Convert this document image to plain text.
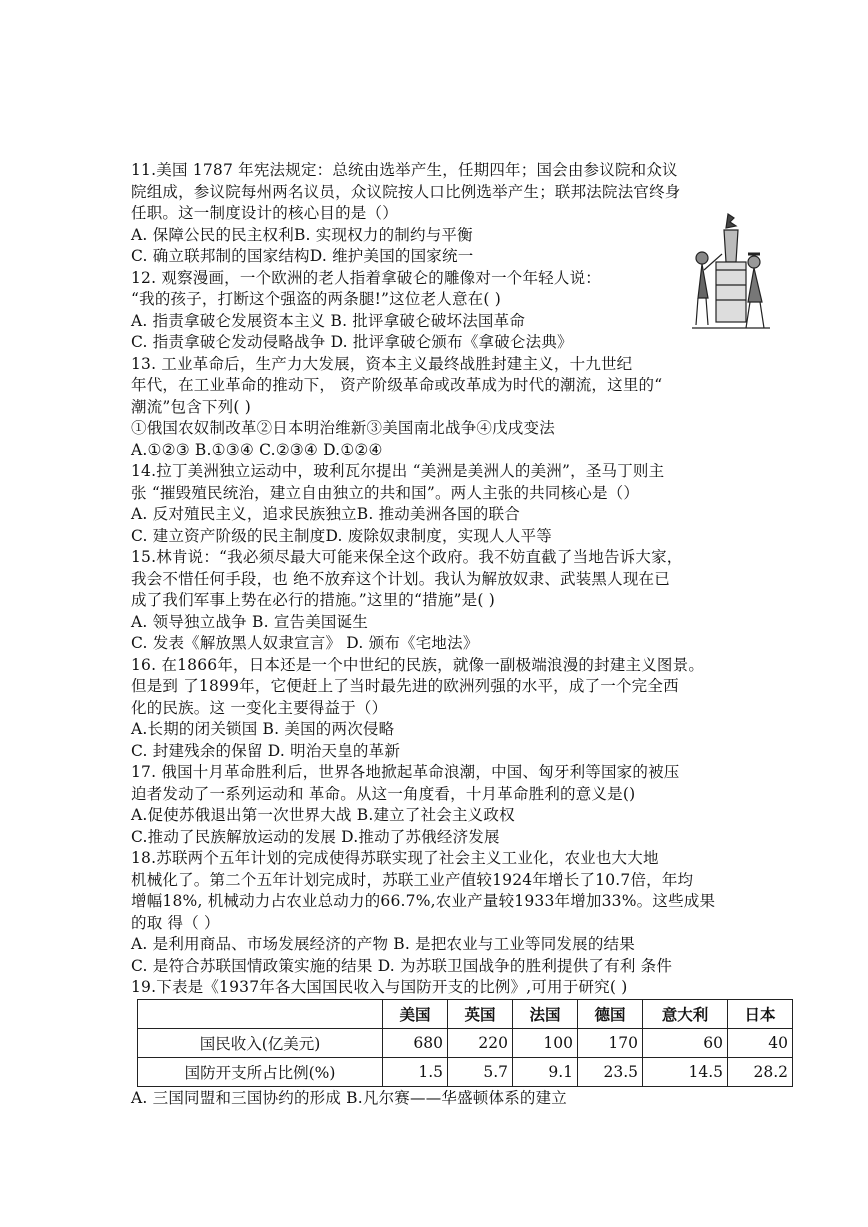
11.美国 1787 年宪法规定：总统由选举产生，任期四年；国会由参议院和众议
院组成，参议院每州两名议员，众议院按人口比例选举产生；联邦法院法官终身
任职。这一制度设计的核心目的是（）
A. 保障公民的民主权利B. 实现权力的制约与平衡
C. 确立联邦制的国家结构D. 维护美国的国家统一
12. 观察漫画，一个欧洲的老人指着拿破仑的雕像对一个年轻人说：
“我的孩子，打断这个强盗的两条腿!”这位老人意在( )
A. 指责拿破仑发展资本主义 B. 批评拿破仑破坏法国革命
C. 指责拿破仑发动侵略战争 D. 批评拿破仑颁布《拿破仑法典》
13. 工业革命后，生产力大发展，资本主义最终战胜封建主义，十九世纪
年代，在工业革命的推动下， 资产阶级革命或改革成为时代的潮流，这里的“
潮流”包含下列( )
①俄国农奴制改革②日本明治维新③美国南北战争④戊戌变法
A.①②③ B.①③④ C.②③④ D.①②④
14.拉丁美洲独立运动中，玻利瓦尔提出 “美洲是美洲人的美洲”，圣马丁则主
张 “摧毁殖民统治，建立自由独立的共和国”。两人主张的共同核心是（）
A. 反对殖民主义，追求民族独立B. 推动美洲各国的联合
C. 建立资产阶级的民主制度D. 废除奴隶制度，实现人人平等
15.林肯说：“我必须尽最大可能来保全这个政府。我不妨直截了当地告诉大家，
我会不惜任何手段，也 绝不放弃这个计划。我认为解放奴隶、武装黑人现在已
成了我们军事上势在必行的措施。”这里的“措施”是( )
A. 领导独立战争 B. 宣告美国诞生
C. 发表《解放黑人奴隶宣言》 D. 颁布《宅地法》
16. 在1866年，日本还是一个中世纪的民族，就像一副极端浪漫的封建主义图景。
但是到 了1899年，它便赶上了当时最先进的欧洲列强的水平，成了一个完全西
化的民族。这 一变化主要得益于（）
A.长期的闭关锁国 B. 美国的两次侵略
C. 封建残余的保留 D. 明治天皇的革新
17. 俄国十月革命胜利后，世界各地掀起革命浪潮，中国、匈牙利等国家的被压
迫者发动了一系列运动和 革命。从这一角度看，十月革命胜利的意义是()
A.促使苏俄退出第一次世界大战 B.建立了社会主义政权
C.推动了民族解放运动的发展 D.推动了苏俄经济发展
18.苏联两个五年计划的完成使得苏联实现了社会主义工业化，农业也大大地
机械化了。第二个五年计划完成时，苏联工业产值较1924年增长了10.7倍，年均
增幅18%, 机械动力占农业总动力的66.7%,农业产量较1933年增加33%。这些成果
的取 得（ ）
A. 是利用商品、市场发展经济的产物 B. 是把农业与工业等同发展的结果
C. 是符合苏联国情政策实施的结果 D. 为苏联卫国战争的胜利提供了有利 条件
19.下表是《1937年各大国国民收入与国防开支的比例》,可用于研究( )
	美国	英国	法国	德国	意大利	日本
国民收入(亿美元)	680	220	100	170	60	40
国防开支所占比例(%)	1.5	5.7	9.1	23.5	14.5	28.2
A. 三国同盟和三国协约的形成 B.凡尔赛——华盛顿体系的建立
